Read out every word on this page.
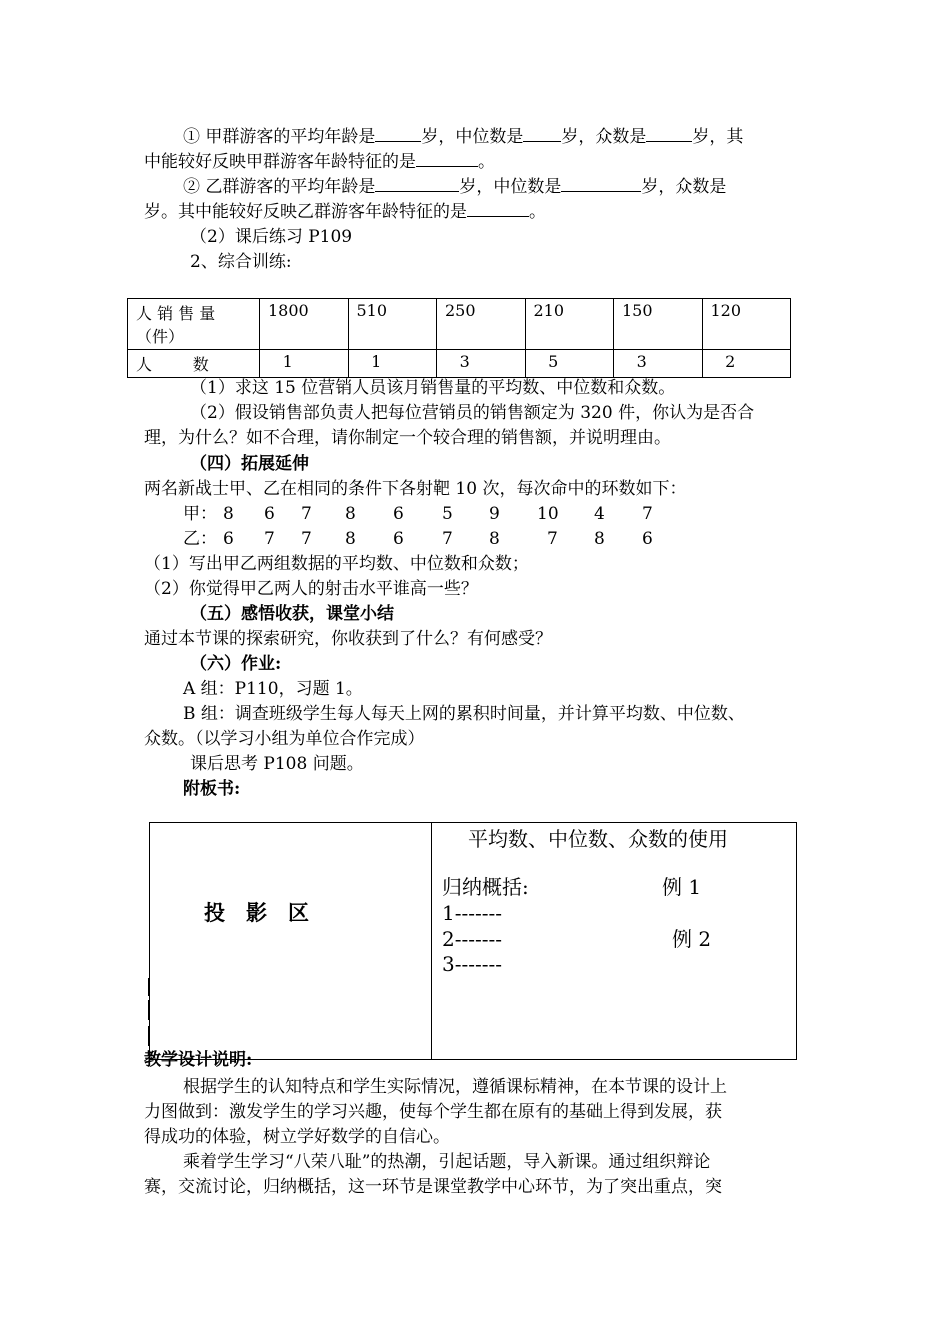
① 甲群游客的平均年龄是	岁，中位数是 岁，众数是	岁，其
中能较好反映甲群游客年龄特征的是	。
② 乙群游客的平均年龄是	岁，中位数是	岁，众数是
岁。其中能较好反映乙群游客年龄特征的是	。
（2）课后练习 P109
2、综合训练:
人 销 售 量
（件）	1800	510	250	210	150	120
人        数	1	1	3	5	3	2
（1）求这 15 位营销人员该月销售量的平均数、中位数和众数。
（2）假设销售部负责人把每位营销员的销售额定为 320 件，你认为是否合
理，为什么？如不合理，请你制定一个较合理的销售额，并说明理由。
（四）拓展延伸
两名新战士甲、乙在相同的条件下各射靶 10 次，每次命中的环数如下：
甲： 8 6 7 8 6 5 9 10 4 7
乙： 6 7 7 8 6 7 8	7 8 6
（1）写出甲乙两组数据的平均数、中位数和众数；
（2）你觉得甲乙两人的射击水平谁高一些？
（五）感悟收获，课堂小结
通过本节课的探索研究，你收获到了什么？有何感受？
（六）作业:
A 组：P110，习题 1。
B 组：调查班级学生每人每天上网的累积时间量，并计算平均数、中位数、
众数。（以学习小组为单位合作完成）
课后思考 P108 问题。
附板书:
投　影　区
平均数、中位数、众数的使用
归纳概括:	例 1
1-------
2-------	例 2
3-------
教学设计说明:
根据学生的认知特点和学生实际情况，遵循课标精神，在本节课的设计上
力图做到：激发学生的学习兴趣，使每个学生都在原有的基础上得到发展，获
得成功的体验，树立学好数学的自信心。
乘着学生学习“八荣八耻”的热潮，引起话题，导入新课。通过组织辩论
赛，交流讨论，归纳概括，这一环节是课堂教学中心环节，为了突出重点，突
